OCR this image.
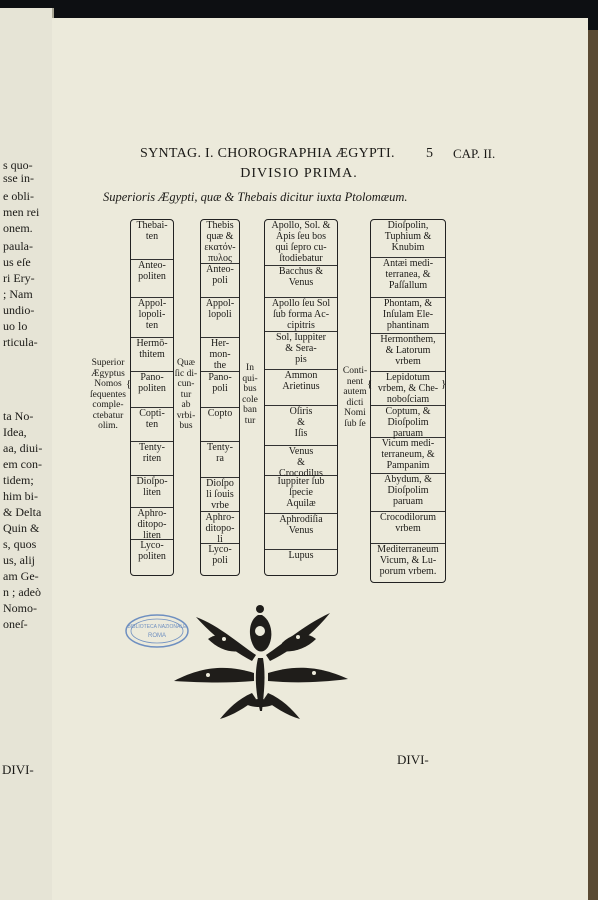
s quo-
sse in-
e obli-
men rei
onem.
paula-
us eſe
ri Ery-
; Nam
undio-
uo lo
rticula-
ta No-
Idea,
aa, diui-
em con-
tidem;
him bi-
& Delta
Quin &
s, quos
us, alij
am Ge-
n ; adeò
Nomo-
oneſ-
DIVI-
SYNTAG. I. CHOROGRAPHIA ÆGYPTI. 5 CAP. II.
DIVISIO PRIMA.
Superioris Ægypti, quæ & Thebais dicitur iuxta Ptolomæum.
Superior
Ægyptus
Nomos
ſequentes
comple-
ctebatur
olim.
Quæ
ſic di-
cun-
tur
ab
vrbi-
bus
In
qui-
bus
cole
ban
tur
Conti-
nent
autem
dicti
Nomi
ſub ſe
{	{	}
Thebai-
ten
Anteo-
politen
Appol-
lopoli-
ten
Hermō-
thitem
Pano-
politen
Copti-
ten
Tenty-
riten
Dioſpo-
liten
Aphro-
ditopo-
liten
Lyco-
politen
Thebis
quæ &
εκατόν-
πυλος
Anteo-
poli
Appol-
lopoli
Her-
mon-
the
Pano-
poli
Copto
Tenty-
ra
Dioſpo
li ſouis
vrbe
Aphro-
ditopo-
li
Lyco-
poli
Apollo, Sol. &
Apis ſeu bos
qui ſepro cu-
ſtodiebatur
Bacchus &
Venus
Apollo ſeu Sol
ſub forma Ac-
cipitris
Sol, Iuppiter
& Sera-
pis
Ammon
Arietinus
Oſiris
&
Iſis
Venus
&
Crocodilus
Iuppiter ſub
ſpecie
Aquilæ
Aphrodiſia
Venus
Lupus
Dioſpolin,
Tuphium &
Knubim
Antæi medi-
terranea, &
Paſſallum
Phontam, &
Inſulam Ele-
phantinam
Hermonthem,
& Latorum
vrbem
Lepidotum
vrbem, & Che-
noboſciam
Coptum, &
Dioſpolim
paruam
Vicum medi-
terraneum, &
Pampanim
Abydum, &
Dioſpolim
paruam
Crocodilorum
vrbem
Mediterraneum
Vicum, & Lu-
porum vrbem.
BIBLIOTECA NAZIONALE
ROMA
DIVI-
